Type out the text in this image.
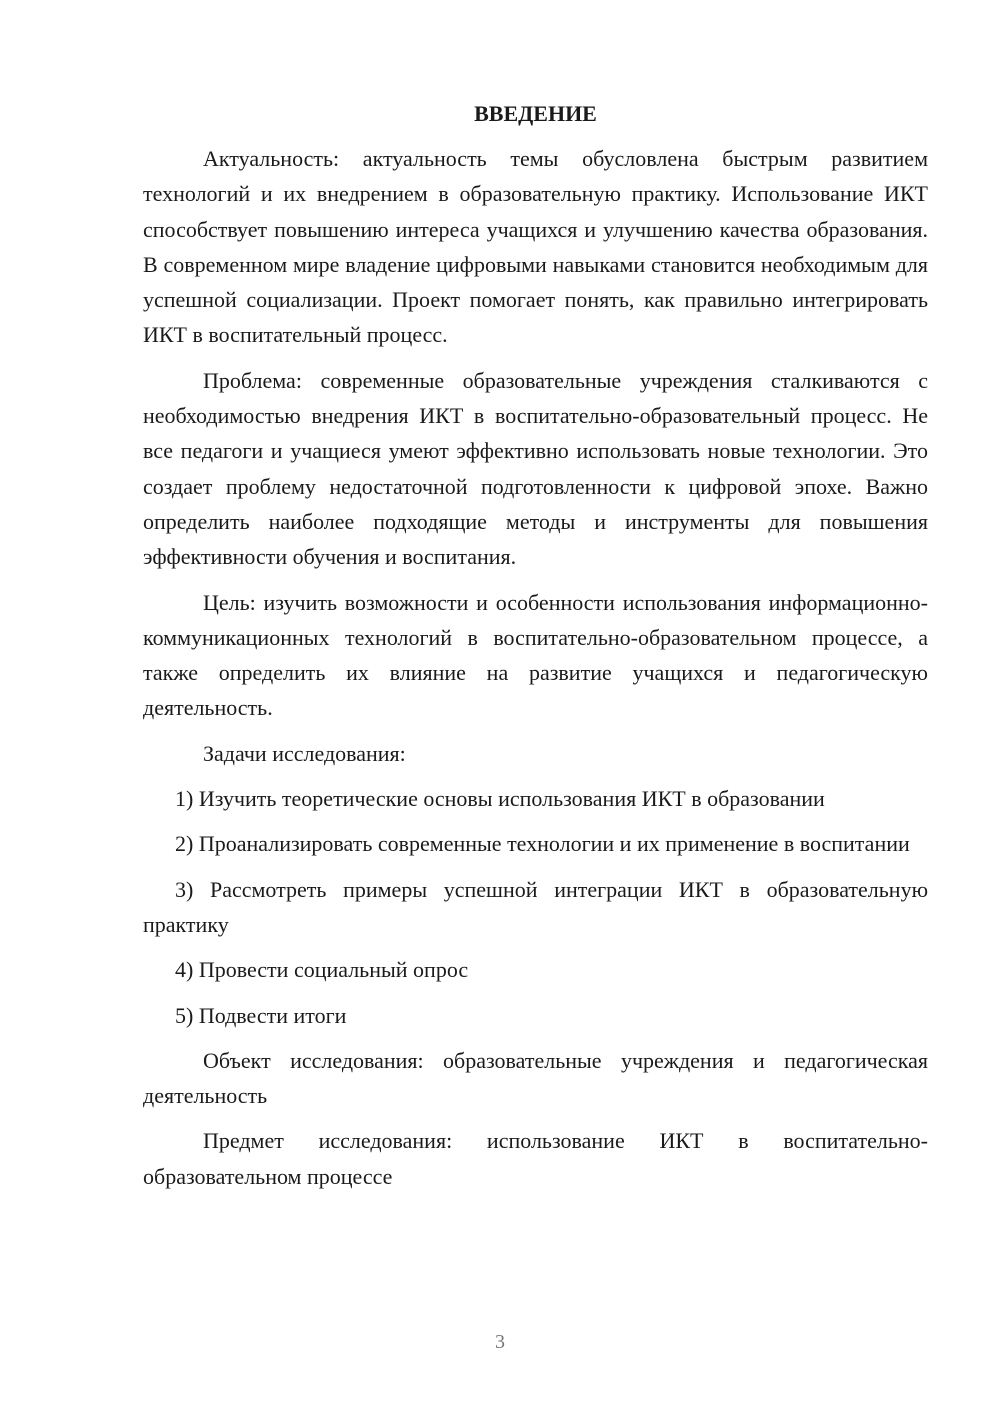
ВВЕДЕНИЕ

Актуальность: актуальность темы обусловлена быстрым развитием технологий и их внедрением в образовательную практику. Использование ИКТ способствует повышению интереса учащихся и улучшению качества образования. В современном мире владение цифровыми навыками становится необходимым для успешной социализации. Проект помогает понять, как правильно интегрировать ИКТ в воспитательный процесс.

Проблема: современные образовательные учреждения сталкиваются с необходимостью внедрения ИКТ в воспитательно-образовательный процесс. Не все педагоги и учащиеся умеют эффективно использовать новые технологии. Это создает проблему недостаточной подготовленности к цифровой эпохе. Важно определить наиболее подходящие методы и инструменты для повышения эффективности обучения и воспитания.

Цель: изучить возможности и особенности использования информационно-коммуникационных технологий в воспитательно-образовательном процессе, а также определить их влияние на развитие учащихся и педагогическую деятельность.

Задачи исследования:

1) Изучить теоретические основы использования ИКТ в образовании

2) Проанализировать современные технологии и их применение в воспитании

3) Рассмотреть примеры успешной интеграции ИКТ в образовательную практику

4) Провести социальный опрос

5) Подвести итоги

Объект исследования: образовательные учреждения и педагогическая деятельность

Предмет исследования: использование ИКТ в воспитательно-образовательном процессе

3
